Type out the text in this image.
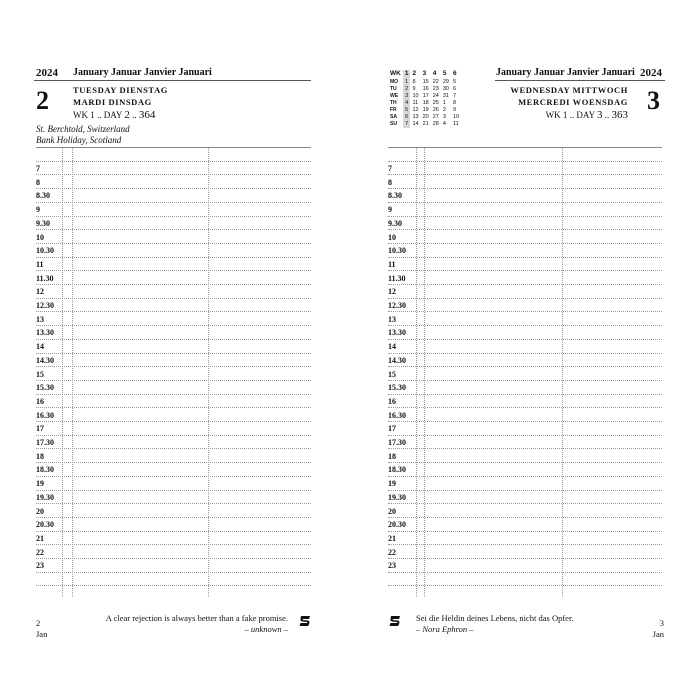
2024 January Januar Janvier Januari
2	TUESDAY DIENSTAG
MARDI DINSDAG
WK 1 .. DAY 2 .. 364
St. Berchtold, Switzerland
Bank Holiday, Scotland
7
8
8.30
9
9.30
10
10.30
11
11.30
12
12.30
13
13.30
14
14.30
15
15.30
16
16.30
17
17.30
18
18.30
19
19.30
20
20.30
21
22
23
2
Jan
A clear rejection is always better than a fake promise.
– unknown –
January Januar Janvier Januari 2024
WEDNESDAY MITTWOCH
MERCREDI WOENSDAG
WK 1 .. DAY 3 .. 363 3
7
8
8.30
9
9.30
10
10.30
11
11.30
12
12.30
13
13.30
14
14.30
15
15.30
16
16.30
17
17.30
18
18.30
19
19.30
20
20.30
21
22
23
Sei die Heldin deines Lebens, nicht das Opfer.
– Nora Ephron –
3
Jan
WK	1	2	3	4	5	6
MO	1	8	15	22	29	5
TU	2	9	16	23	30	6
WE	3	10	17	24	31	7
TH	4	11	18	25	1	8
FR	5	12	19	26	2	9
SA	6	13	20	27	3	10
SU	7	14	21	28	4	11
